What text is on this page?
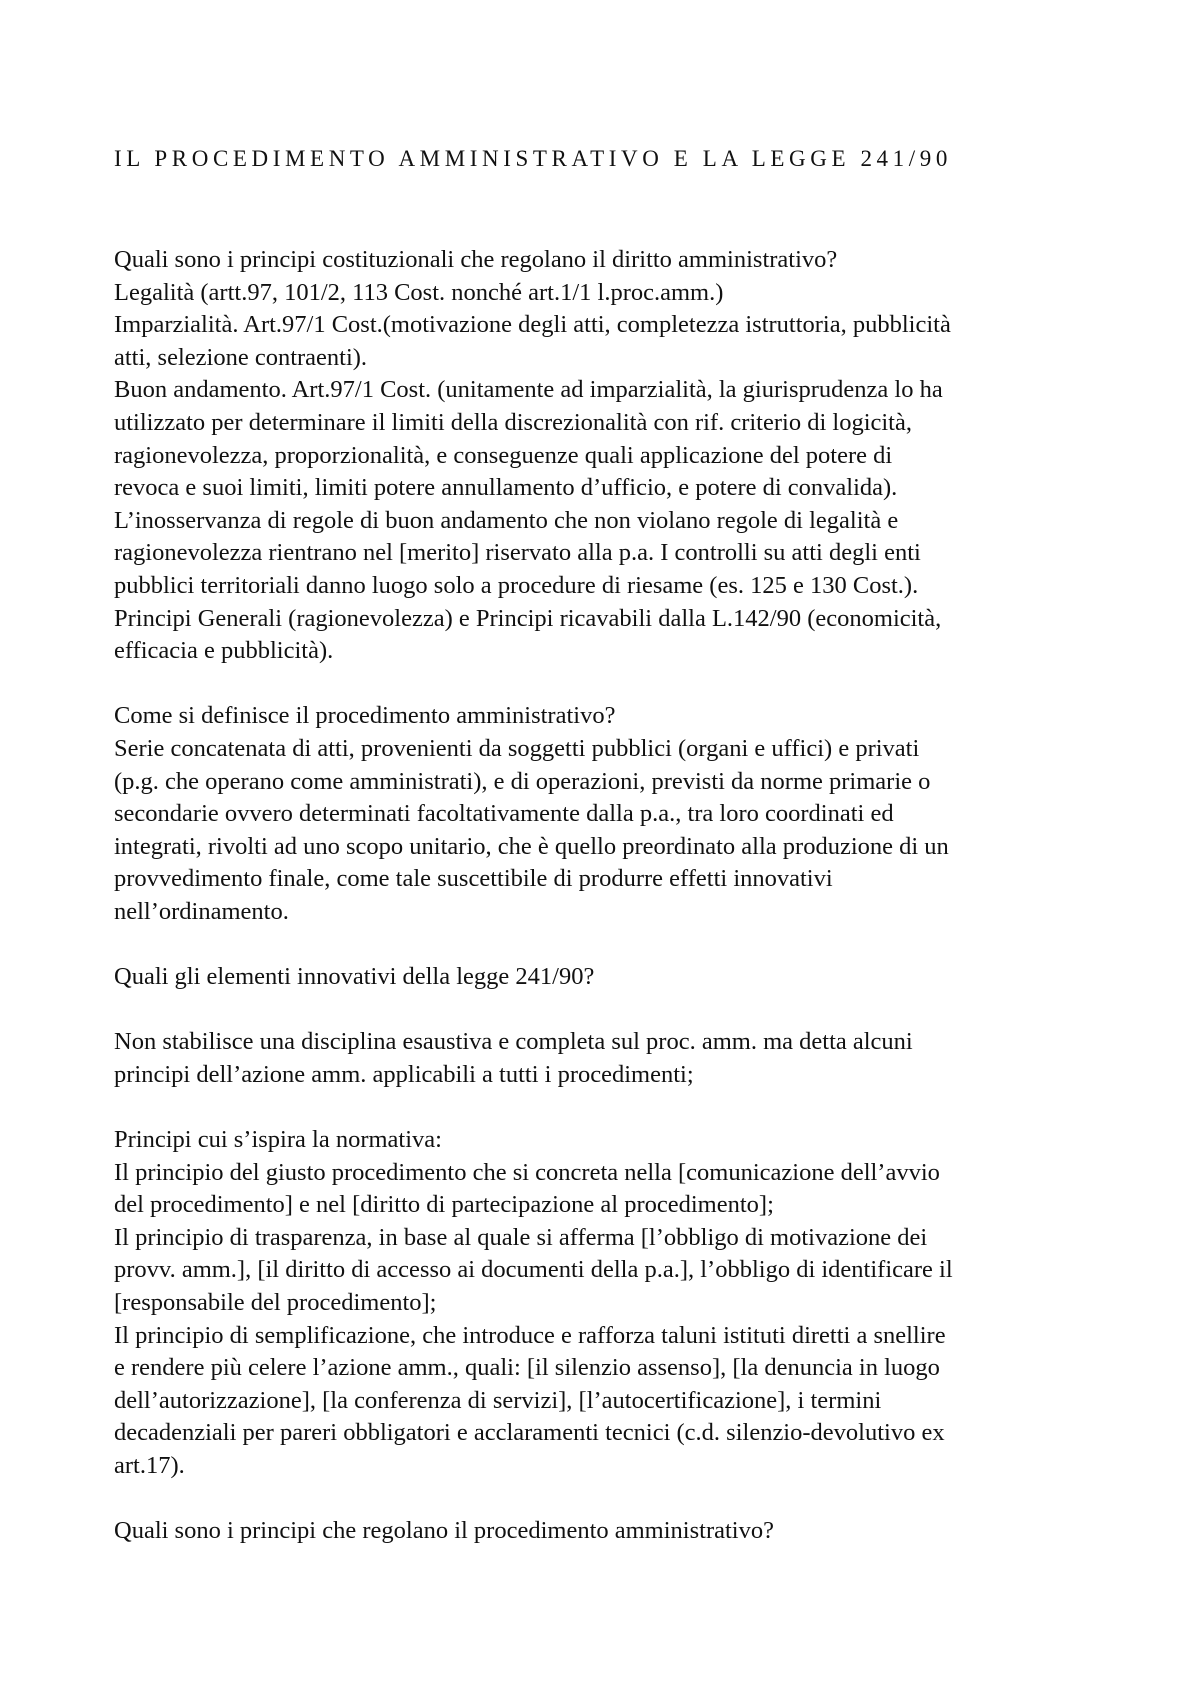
IL PROCEDIMENTO AMMINISTRATIVO E LA LEGGE 241/90
Quali sono i principi costituzionali che regolano il diritto amministrativo?
Legalità (artt.97, 101/2, 113 Cost. nonché art.1/1 l.proc.amm.)
Imparzialità. Art.97/1 Cost.(motivazione degli atti, completezza istruttoria, pubblicità
atti, selezione contraenti).
Buon andamento. Art.97/1 Cost. (unitamente ad imparzialità, la giurisprudenza lo ha
utilizzato per determinare il limiti della discrezionalità con rif. criterio di logicità,
ragionevolezza, proporzionalità, e conseguenze quali applicazione del potere di
revoca e suoi limiti, limiti potere annullamento d’ufficio, e potere di convalida).
L’inosservanza di regole di buon andamento che non violano regole di legalità e
ragionevolezza rientrano nel [merito] riservato alla p.a. I controlli su atti degli enti
pubblici territoriali danno luogo solo a procedure di riesame (es. 125 e 130 Cost.).
Principi Generali (ragionevolezza) e Principi ricavabili dalla L.142/90 (economicità,
efficacia e pubblicità).
Come si definisce il procedimento amministrativo?
Serie concatenata di atti, provenienti da soggetti pubblici (organi e uffici) e privati
(p.g. che operano come amministrati), e di operazioni, previsti da norme primarie o
secondarie ovvero determinati facoltativamente dalla p.a., tra loro coordinati ed
integrati, rivolti ad uno scopo unitario, che è quello preordinato alla produzione di un
provvedimento finale, come tale suscettibile di produrre effetti innovativi
nell’ordinamento.
Quali gli elementi innovativi della legge 241/90?
Non stabilisce una disciplina esaustiva e completa sul proc. amm. ma detta alcuni
principi dell’azione amm. applicabili a tutti i procedimenti;
Principi cui s’ispira la normativa:
Il principio del giusto procedimento che si concreta nella [comunicazione dell’avvio
del procedimento] e nel [diritto di partecipazione al procedimento];
Il principio di trasparenza, in base al quale si afferma [l’obbligo di motivazione dei
provv. amm.], [il diritto di accesso ai documenti della p.a.], l’obbligo di identificare il
[responsabile del procedimento];
Il principio di semplificazione, che introduce e rafforza taluni istituti diretti a snellire
e rendere più celere l’azione amm., quali: [il silenzio assenso], [la denuncia in luogo
dell’autorizzazione], [la conferenza di servizi], [l’autocertificazione], i termini
decadenziali per pareri obbligatori e acclaramenti tecnici (c.d. silenzio-devolutivo ex
art.17).
Quali sono i principi che regolano il procedimento amministrativo?
